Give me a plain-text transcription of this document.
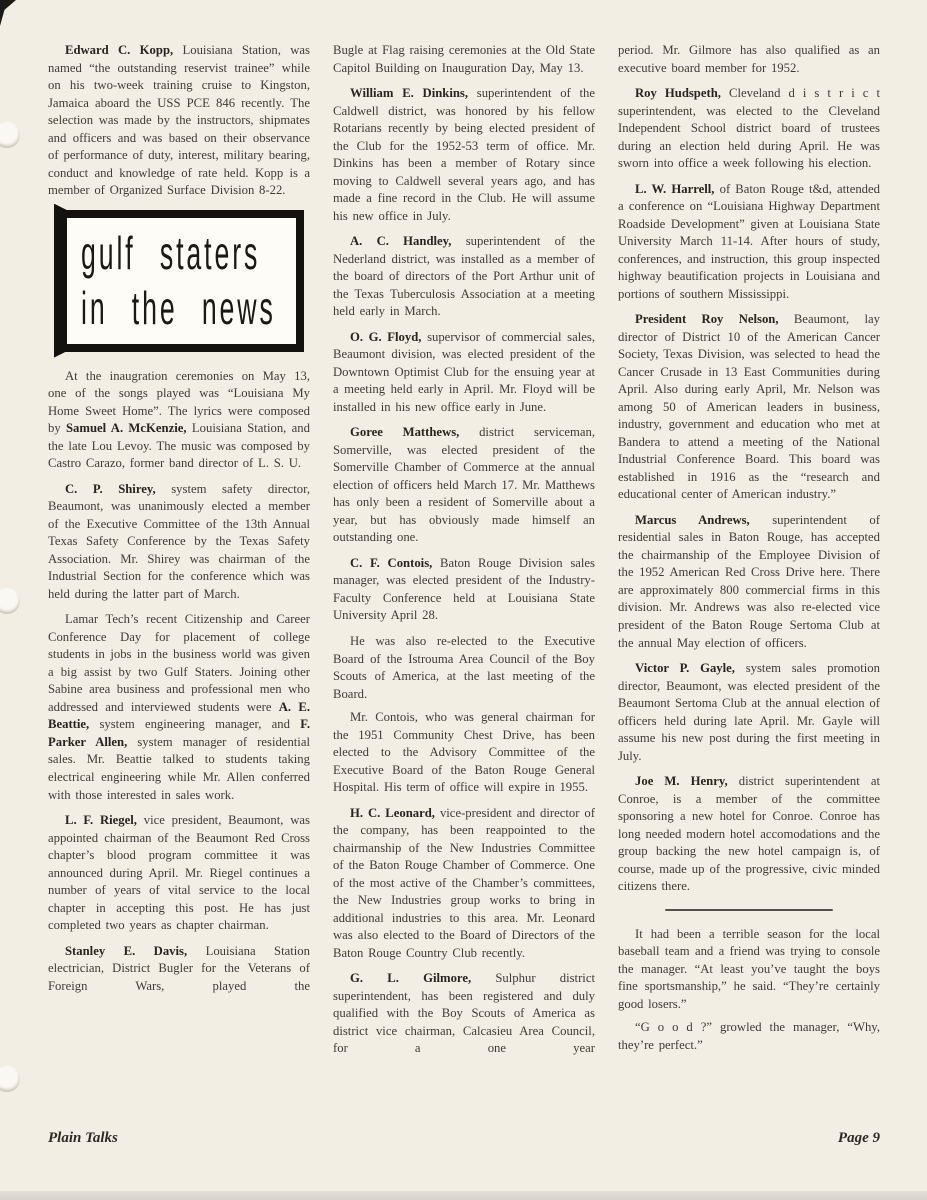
Edward C. Kopp, Louisiana Station, was named “the outstanding reservist trainee” while on his two-week training cruise to Kingston, Jamaica aboard the USS PCE 846 recently. The selection was made by the instructors, shipmates and officers and was based on their observance of performance of duty, interest, military bearing, conduct and knowledge of rate held. Kopp is a member of Organized Surface Division 8-22.

gulf staters
in the news

At the inaugration ceremonies on May 13, one of the songs played was “Louisiana My Home Sweet Home”. The lyrics were composed by Samuel A. McKenzie, Louisiana Station, and the late Lou Levoy. The music was composed by Castro Carazo, former band director of L. S. U.

C. P. Shirey, system safety director, Beaumont, was unanimously elected a member of the Executive Committee of the 13th Annual Texas Safety Conference by the Texas Safety Association. Mr. Shirey was chairman of the Industrial Section for the conference which was held during the latter part of March.

Lamar Tech’s recent Citizenship and Career Conference Day for placement of college students in jobs in the business world was given a big assist by two Gulf Staters. Joining other Sabine area business and professional men who addressed and interviewed students were A. E. Beattie, system engineering manager, and F. Parker Allen, system manager of residential sales. Mr. Beattie talked to students taking electrical engineering while Mr. Allen conferred with those interested in sales work.

L. F. Riegel, vice president, Beaumont, was appointed chairman of the Beaumont Red Cross chapter’s blood program committee it was announced during April. Mr. Riegel continues a number of years of vital service to the local chapter in accepting this post. He has just completed two years as chapter chairman.

Stanley E. Davis, Louisiana Station electrician, District Bugler for the Veterans of Foreign Wars, played the

Bugle at Flag raising ceremonies at the Old State Capitol Building on Inauguration Day, May 13.

William E. Dinkins, superintendent of the Caldwell district, was honored by his fellow Rotarians recently by being elected president of the Club for the 1952-53 term of office. Mr. Dinkins has been a member of Rotary since moving to Caldwell several years ago, and has made a fine record in the Club. He will assume his new office in July.

A. C. Handley, superintendent of the Nederland district, was installed as a member of the board of directors of the Port Arthur unit of the Texas Tuberculosis Association at a meeting held early in March.

O. G. Floyd, supervisor of commercial sales, Beaumont division, was elected president of the Downtown Optimist Club for the ensuing year at a meeting held early in April. Mr. Floyd will be installed in his new office early in June.

Goree Matthews, district serviceman, Somerville, was elected president of the Somerville Chamber of Commerce at the annual election of officers held March 17. Mr. Matthews has only been a resident of Somerville about a year, but has obviously made himself an outstanding one.

C. F. Contois, Baton Rouge Division sales manager, was elected president of the Industry-Faculty Conference held at Louisiana State University April 28.

He was also re-elected to the Executive Board of the Istrouma Area Council of the Boy Scouts of America, at the last meeting of the Board.

Mr. Contois, who was general chairman for the 1951 Community Chest Drive, has been elected to the Advisory Committee of the Executive Board of the Baton Rouge General Hospital. His term of office will expire in 1955.

H. C. Leonard, vice-president and director of the company, has been reappointed to the chairmanship of the New Industries Committee of the Baton Rouge Chamber of Commerce. One of the most active of the Chamber’s committees, the New Industries group works to bring in additional industries to this area. Mr. Leonard was also elected to the Board of Directors of the Baton Rouge Country Club recently.

G. L. Gilmore, Sulphur district superintendent, has been registered and duly qualified with the Boy Scouts of America as district vice chairman, Calcasieu Area Council, for a one year

period. Mr. Gilmore has also qualified as an executive board member for 1952.

Roy Hudspeth, Cleveland d i s t r i c t superintendent, was elected to the Cleveland Independent School district board of trustees during an election held during April. He was sworn into office a week following his election.

L. W. Harrell, of Baton Rouge t&d, attended a conference on “Louisiana Highway Department Roadside Development” given at Louisiana State University March 11-14. After hours of study, conferences, and instruction, this group inspected highway beautification projects in Louisiana and portions of southern Mississippi.

President Roy Nelson, Beaumont, lay director of District 10 of the American Cancer Society, Texas Division, was selected to head the Cancer Crusade in 13 East Communities during April. Also during early April, Mr. Nelson was among 50 of American leaders in business, industry, government and education who met at Bandera to attend a meeting of the National Industrial Conference Board. This board was established in 1916 as the “research and educational center of American industry.”

Marcus Andrews, superintendent of residential sales in Baton Rouge, has accepted the chairmanship of the Employee Division of the 1952 American Red Cross Drive here. There are approximately 800 commercial firms in this division. Mr. Andrews was also re-elected vice president of the Baton Rouge Sertoma Club at the annual May election of officers.

Victor P. Gayle, system sales promotion director, Beaumont, was elected president of the Beaumont Sertoma Club at the annual election of officers held during late April. Mr. Gayle will assume his new post during the first meeting in July.

Joe M. Henry, district superintendent at Conroe, is a member of the committee sponsoring a new hotel for Conroe. Conroe has long needed modern hotel accomodations and the group backing the new hotel campaign is, of course, made up of the progressive, civic minded citizens there.

It had been a terrible season for the local baseball team and a friend was trying to console the manager. “At least you’ve taught the boys fine sportsmanship,” he said. “They’re certainly good losers.”

“G o o d ?” growled the manager, “Why, they’re perfect.”

Plain Talks	Page 9
